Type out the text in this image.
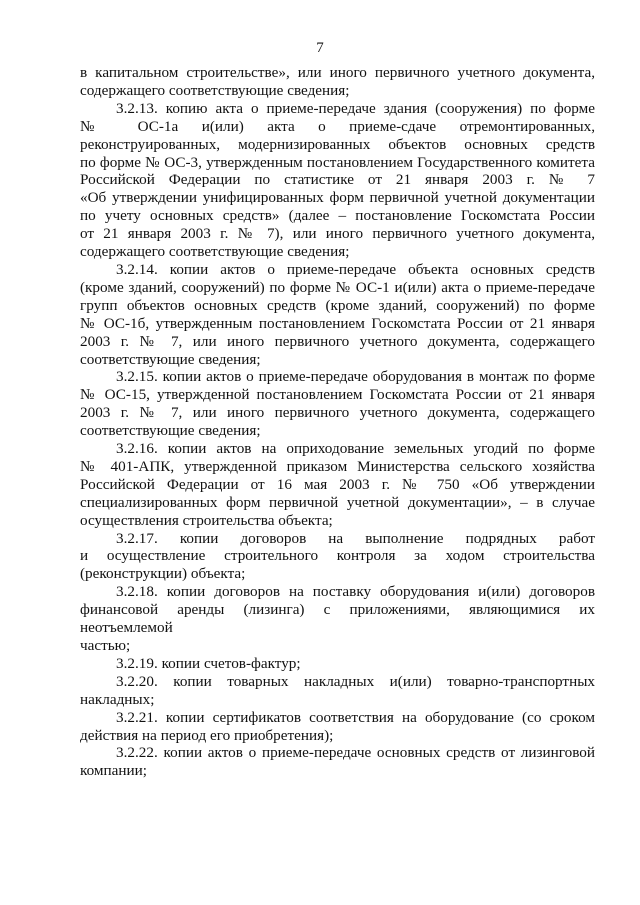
7
в капитальном строительстве», или иного первичного учетного документа,
содержащего соответствующие сведения;
3.2.13. копию акта о приеме-передаче здания (сооружения) по форме
№ ОС-1а и(или) акта о приеме-сдаче отремонтированных,
реконструированных, модернизированных объектов основных средств
по форме № ОС-3, утвержденным постановлением Государственного комитета
Российской Федерации по статистике от 21 января 2003 г. № 7
«Об утверждении унифицированных форм первичной учетной документации
по учету основных средств» (далее – постановление Госкомстата России
от 21 января 2003 г. № 7), или иного первичного учетного документа,
содержащего соответствующие сведения;
3.2.14. копии актов о приеме-передаче объекта основных средств
(кроме зданий, сооружений) по форме № ОС-1 и(или) акта о приеме-передаче
групп объектов основных средств (кроме зданий, сооружений) по форме
№ ОС-1б, утвержденным постановлением Госкомстата России от 21 января
2003 г. № 7, или иного первичного учетного документа, содержащего
соответствующие сведения;
3.2.15. копии актов о приеме-передаче оборудования в монтаж по форме
№ ОС-15, утвержденной постановлением Госкомстата России от 21 января
2003 г. № 7, или иного первичного учетного документа, содержащего
соответствующие сведения;
3.2.16. копии актов на оприходование земельных угодий по форме
№ 401-АПК, утвержденной приказом Министерства сельского хозяйства
Российской Федерации от 16 мая 2003 г. № 750 «Об утверждении
специализированных форм первичной учетной документации», – в случае
осуществления строительства объекта;
3.2.17. копии договоров на выполнение подрядных работ
и осуществление строительного контроля за ходом строительства
(реконструкции) объекта;
3.2.18. копии договоров на поставку оборудования и(или) договоров
финансовой аренды (лизинга) с приложениями, являющимися их неотъемлемой
частью;
3.2.19. копии счетов-фактур;
3.2.20. копии товарных накладных и(или) товарно-транспортных
накладных;
3.2.21. копии сертификатов соответствия на оборудование (со сроком
действия на период его приобретения);
3.2.22. копии актов о приеме-передаче основных средств от лизинговой
компании;
